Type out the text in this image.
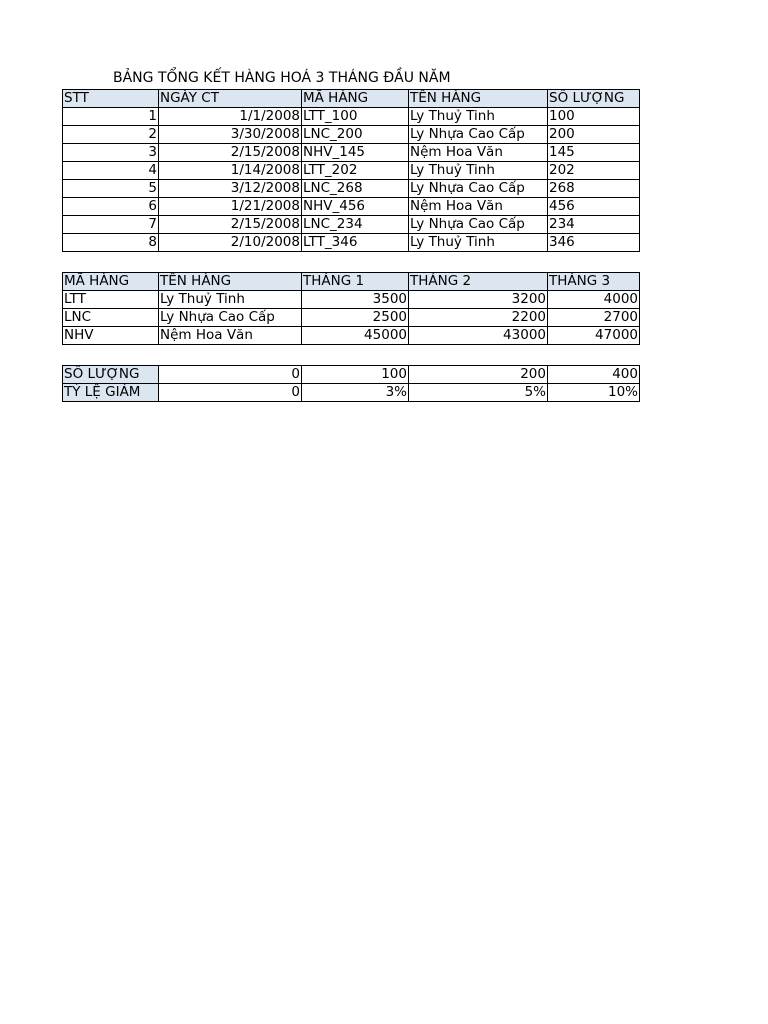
BẢNG TỔNG KẾT HÀNG HOÁ 3 THÁNG ĐẦU NĂM
STT	NGÀY CT	MÃ HÀNG	TÊN HÀNG	SỐ LƯỢNG
1	1/1/2008	LTT_100	Ly Thuỷ Tinh	100
2	3/30/2008	LNC_200	Ly Nhựa Cao Cấp	200
3	2/15/2008	NHV_145	Nệm Hoa Văn	145
4	1/14/2008	LTT_202	Ly Thuỷ Tinh	202
5	3/12/2008	LNC_268	Ly Nhựa Cao Cấp	268
6	1/21/2008	NHV_456	Nệm Hoa Văn	456
7	2/15/2008	LNC_234	Ly Nhựa Cao Cấp	234
8	2/10/2008	LTT_346	Ly Thuỷ Tinh	346
MÃ HÀNG	TÊN HÀNG	THÁNG 1	THÁNG 2	THÁNG 3
LTT	Ly Thuỷ Tinh	3500	3200	4000
LNC	Ly Nhựa Cao Cấp	2500	2200	2700
NHV	Nệm Hoa Văn	45000	43000	47000
SỐ LƯỢNG	0	100	200	400
TỶ LỆ GIẢM	0	3%	5%	10%
